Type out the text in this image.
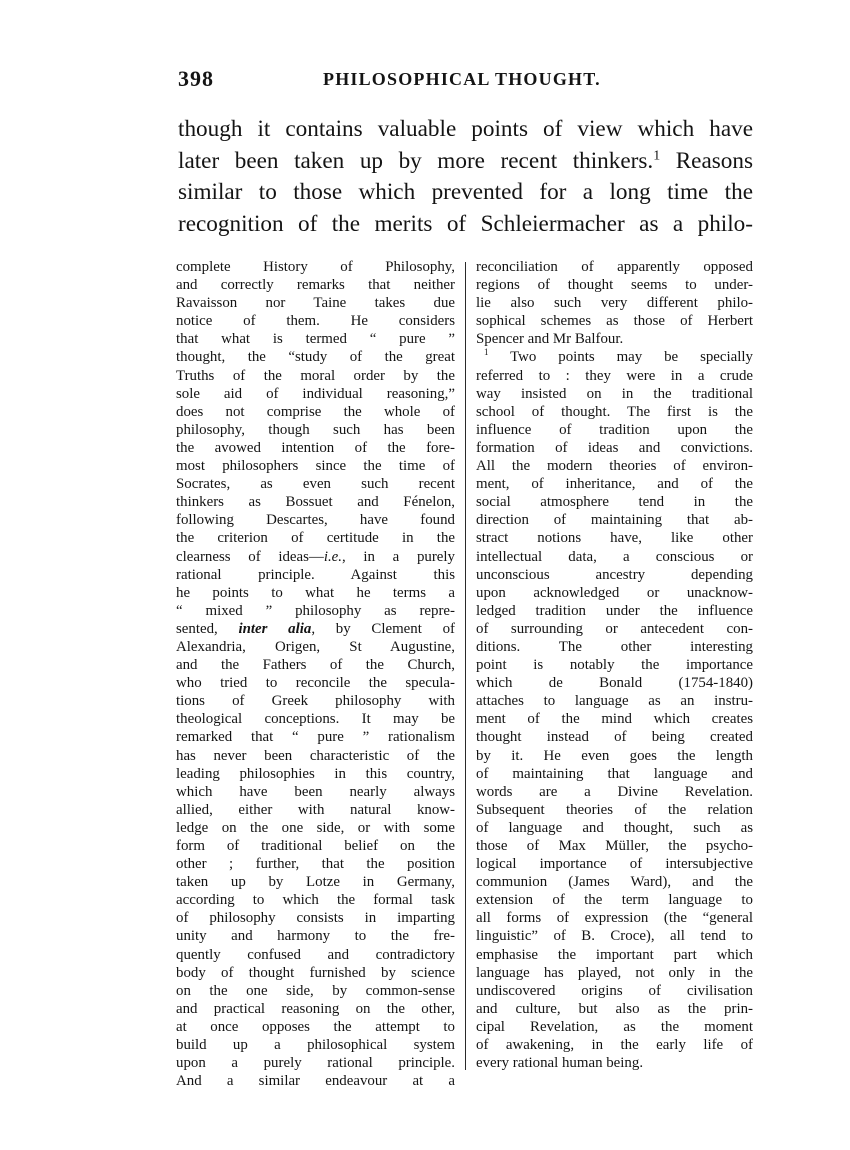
398	PHILOSOPHICAL THOUGHT.
though it contains valuable points of view which have
later been taken up by more recent thinkers.$^1$ Reasons
similar to those which prevented for a long time the
recognition of the merits of Schleiermacher as a philo-
complete History of Philosophy,
and correctly remarks that neither
Ravaisson nor Taine takes due
notice of them. He considers
that what is termed “ pure ”
thought, the “study of the great
Truths of the moral order by the
sole aid of individual reasoning,”
does not comprise the whole of
philosophy, though such has been
the avowed intention of the fore-
most philosophers since the time of
Socrates, as even such recent
thinkers as Bossuet and Fénelon,
following Descartes, have found
the criterion of certitude in the
clearness of ideas—i.e., in a purely
rational principle. Against this
he points to what he terms a
“ mixed ” philosophy as repre-
sented, inter alia, by Clement of
Alexandria, Origen, St Augustine,
and the Fathers of the Church,
who tried to reconcile the specula-
tions of Greek philosophy with
theological conceptions. It may be
remarked that “ pure ” rationalism
has never been characteristic of the
leading philosophies in this country,
which have been nearly always
allied, either with natural know-
ledge on the one side, or with some
form of traditional belief on the
other ; further, that the position
taken up by Lotze in Germany,
according to which the formal task
of philosophy consists in imparting
unity and harmony to the fre-
quently confused and contradictory
body of thought furnished by science
on the one side, by common-sense
and practical reasoning on the other,
at once opposes the attempt to
build up a philosophical system
upon a purely rational principle.
And a similar endeavour at a
reconciliation of apparently opposed
regions of thought seems to under-
lie also such very different philo-
sophical schemes as those of Herbert
Spencer and Mr Balfour.
$^1$ Two points may be specially
referred to : they were in a crude
way insisted on in the traditional
school of thought. The first is the
influence of tradition upon the
formation of ideas and convictions.
All the modern theories of environ-
ment, of inheritance, and of the
social atmosphere tend in the
direction of maintaining that ab-
stract notions have, like other
intellectual data, a conscious or
unconscious ancestry depending
upon acknowledged or unacknow-
ledged tradition under the influence
of surrounding or antecedent con-
ditions. The other interesting
point is notably the importance
which de Bonald (1754-1840)
attaches to language as an instru-
ment of the mind which creates
thought instead of being created
by it. He even goes the length
of maintaining that language and
words are a Divine Revelation.
Subsequent theories of the relation
of language and thought, such as
those of Max Müller, the psycho-
logical importance of intersubjective
communion (James Ward), and the
extension of the term language to
all forms of expression (the “general
linguistic” of B. Croce), all tend to
emphasise the important part which
language has played, not only in the
undiscovered origins of civilisation
and culture, but also as the prin-
cipal Revelation, as the moment
of awakening, in the early life of
every rational human being.
